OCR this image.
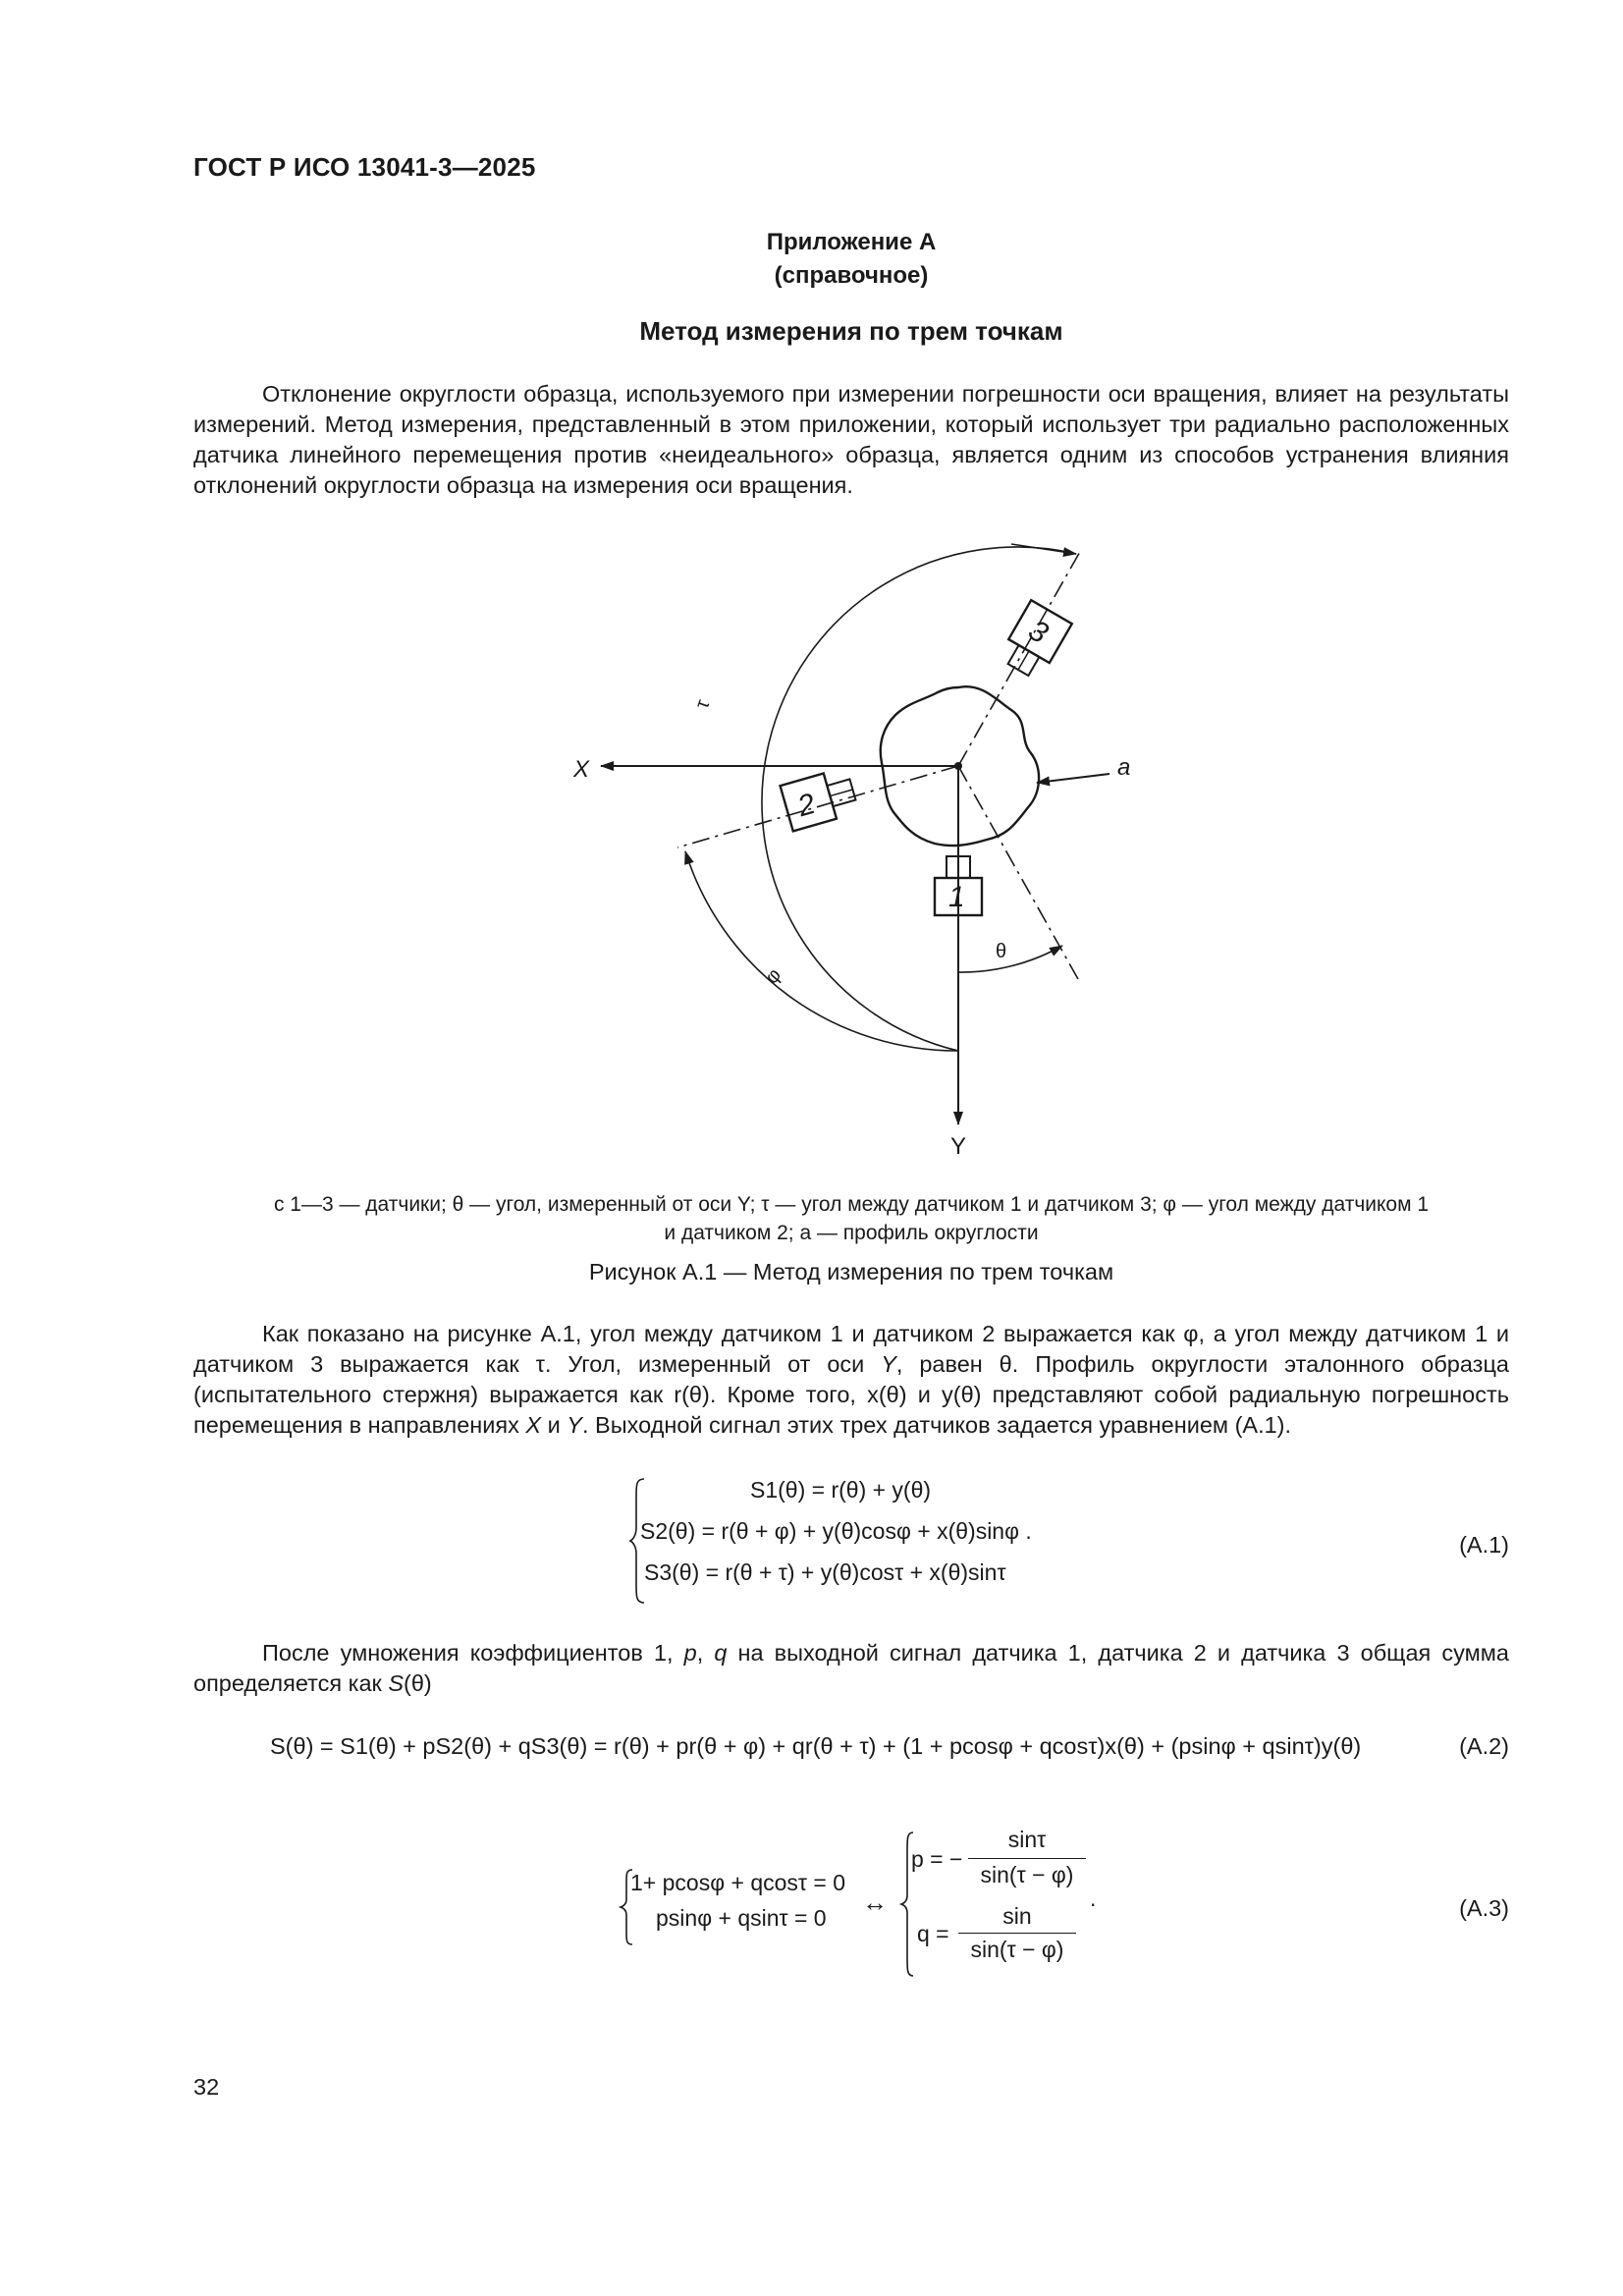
ГОСТ Р ИСО 13041-3—2025
Приложение А
(справочное)
Метод измерения по трем точкам

Отклонение округлости образца, используемого при измерении погрешности оси вращения, влияет на результаты измерений. Метод измерения, представленный в этом приложении, который использует три радиально расположенных датчика линейного перемещения против «неидеального» образца, является одним из способов устранения влияния отклонений округлости образца на измерения оси вращения.

X
Y
1
2
3
a
τ
θ
φ
с 1—3 — датчики; θ — угол, измеренный от оси Y; τ — угол между датчиком 1 и датчиком 3; φ — угол между датчиком 1
и датчиком 2; a — профиль округлости
Рисунок А.1 — Метод измерения по трем точкам

Как показано на рисунке А.1, угол между датчиком 1 и датчиком 2 выражается как φ, а угол между датчиком 1 и датчиком 3 выражается как τ. Угол, измеренный от оси Y, равен θ. Профиль округлости эталонного образца (испытательного стержня) выражается как r(θ). Кроме того, x(θ) и y(θ) представляют собой радиальную погрешность перемещения в направлениях X и Y. Выходной сигнал этих трех датчиков задается уравнением (А.1).

S1(θ) = r(θ) + y(θ)
S2(θ) = r(θ + φ) + y(θ)cosφ + x(θ)sinφ .
S3(θ) = r(θ + τ) + y(θ)cosτ + x(θ)sinτ
(А.1)

После умножения коэффициентов 1, p, q на выходной сигнал датчика 1, датчика 2 и датчика 3 общая сумма определяется как S(θ)

S(θ) = S1(θ) + pS2(θ) + qS3(θ) = r(θ) + pr(θ + φ) + qr(θ + τ) + (1 + pcosφ + qcosτ)x(θ) + (psinφ + qsinτ)y(θ)	(А.2)
1+ pcosφ + qcosτ = 0
psinφ + qsinτ = 0
↔
p = −
sinτ
sin(τ − φ)
q =
sin
sin(τ − φ)
.	(А.3)
32
